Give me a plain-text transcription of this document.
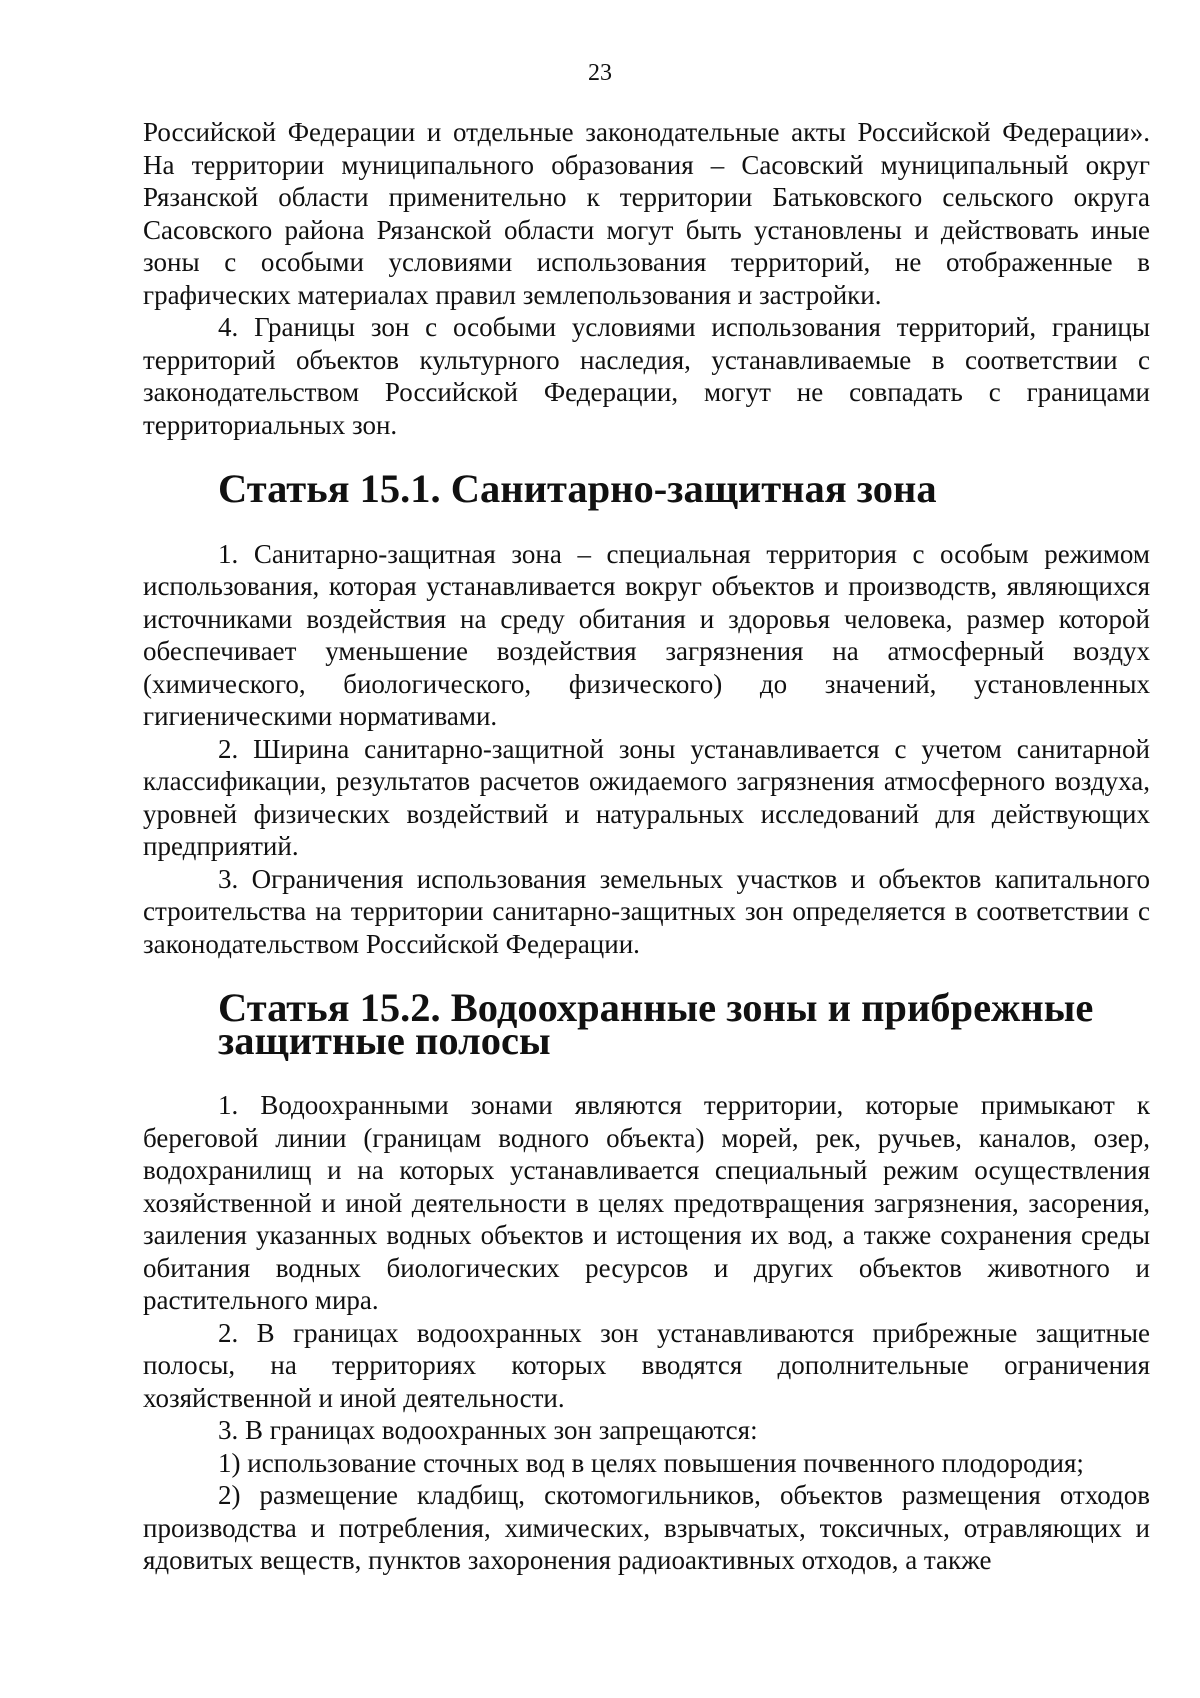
23

Российской Федерации и отдельные законодательные акты Российской Федерации». На территории муниципального образования – Сасовский муниципальный округ Рязанской области применительно к территории Батьковского сельского округа Сасовского района Рязанской области могут быть установлены и действовать иные зоны с особыми условиями использования территорий, не отображенные в графических материалах правил землепользования и застройки.

4. Границы зон с особыми условиями использования территорий, границы территорий объектов культурного наследия, устанавливаемые в соответствии с законодательством Российской Федерации, могут не совпадать с границами территориальных зон.

Статья 15.1. Санитарно-защитная зона

1. Санитарно-защитная зона – специальная территория с особым режимом использования, которая устанавливается вокруг объектов и производств, являющихся источниками воздействия на среду обитания и здоровья человека, размер которой обеспечивает уменьшение воздействия загрязнения на атмосферный воздух (химического, биологического, физического) до значений, установленных гигиеническими нормативами.

2. Ширина санитарно-защитной зоны устанавливается с учетом санитарной классификации, результатов расчетов ожидаемого загрязнения атмосферного воздуха, уровней физических воздействий и натуральных исследований для действующих предприятий.

3. Ограничения использования земельных участков и объектов капитального строительства на территории санитарно-защитных зон определяется в соответствии с законодательством Российской Федерации.

Статья 15.2. Водоохранные зоны и прибрежные защитные полосы

1. Водоохранными зонами являются территории, которые примыкают к береговой линии (границам водного объекта) морей, рек, ручьев, каналов, озер, водохранилищ и на которых устанавливается специальный режим осуществления хозяйственной и иной деятельности в целях предотвращения загрязнения, засорения, заиления указанных водных объектов и истощения их вод, а также сохранения среды обитания водных биологических ресурсов и других объектов животного и растительного мира.

2. В границах водоохранных зон устанавливаются прибрежные защитные полосы, на территориях которых вводятся дополнительные ограничения хозяйственной и иной деятельности.

3. В границах водоохранных зон запрещаются:

1) использование сточных вод в целях повышения почвенного плодородия;

2) размещение кладбищ, скотомогильников, объектов размещения отходов производства и потребления, химических, взрывчатых, токсичных, отравляющих и ядовитых веществ, пунктов захоронения радиоактивных отходов, а также
